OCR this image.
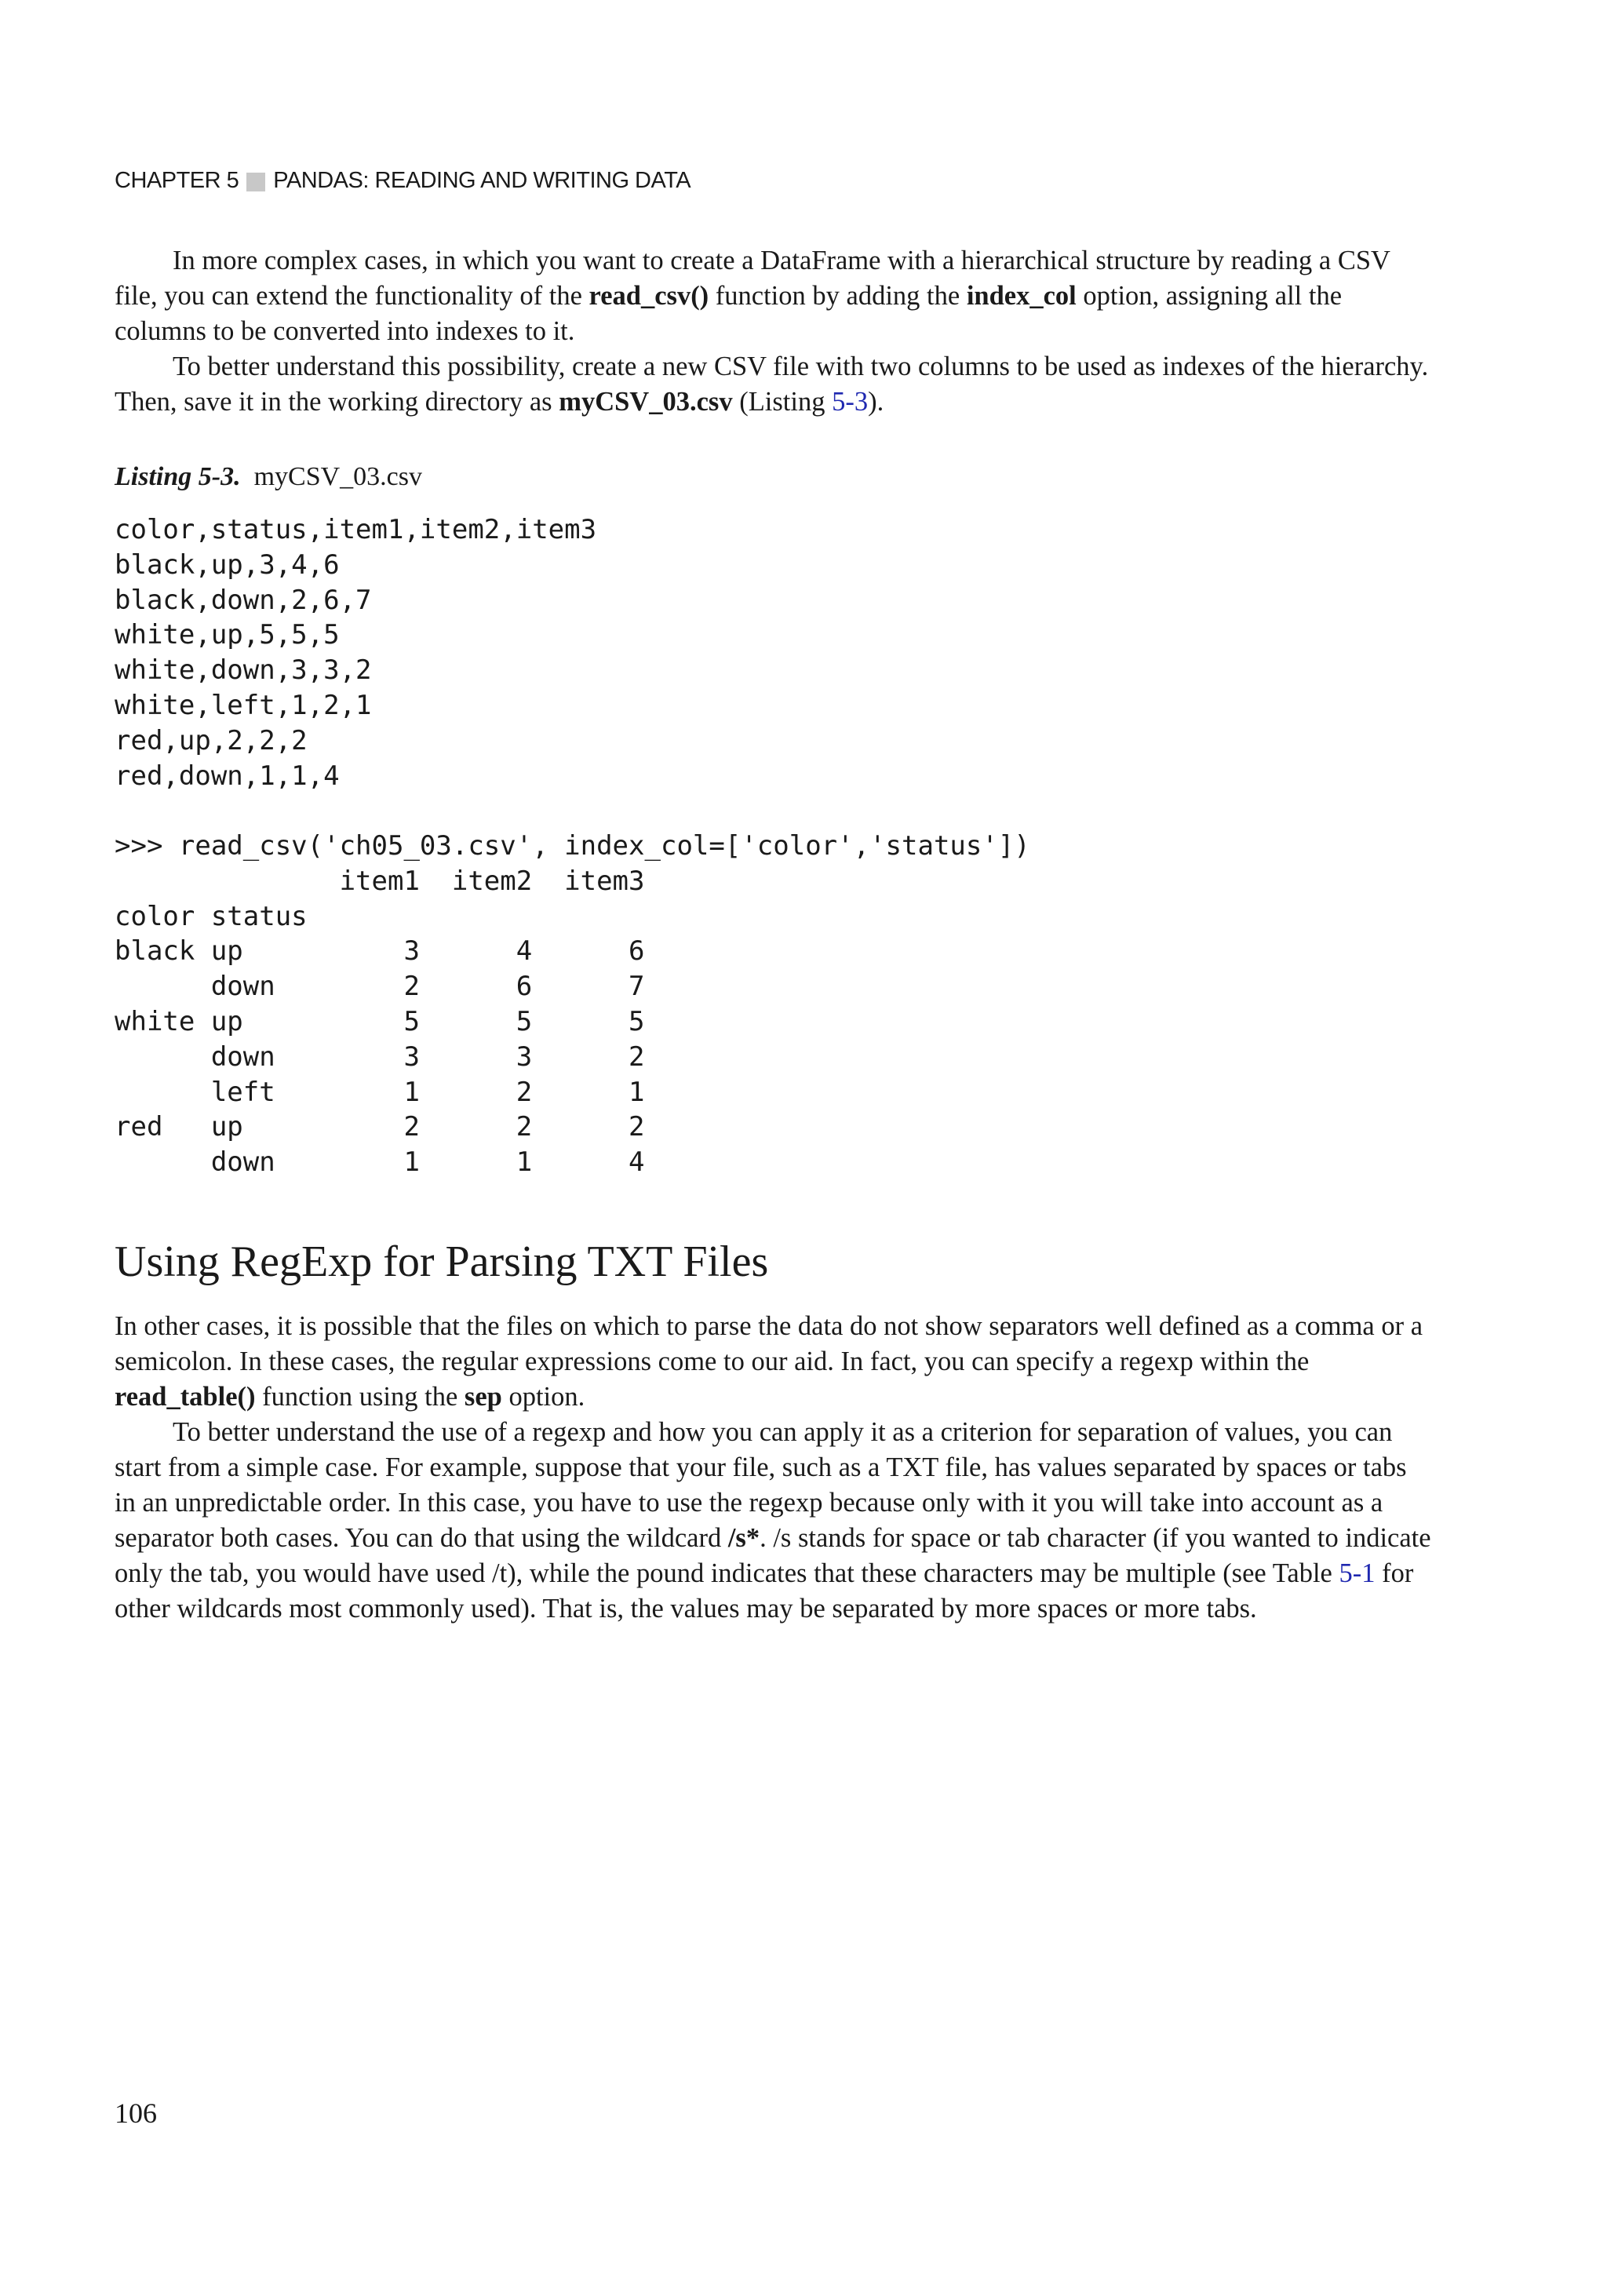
CHAPTER 5 PANDAS: READING AND WRITING DATA

In more complex cases, in which you want to create a DataFrame with a hierarchical structure by reading a CSV file, you can extend the functionality of the read_csv() function by adding the index_col option, assigning all the columns to be converted into indexes to it.

To better understand this possibility, create a new CSV file with two columns to be used as indexes of the hierarchy. Then, save it in the working directory as myCSV_03.csv (Listing 5-3).

Listing 5-3. myCSV_03.csv
color,status,item1,item2,item3
black,up,3,4,6
black,down,2,6,7
white,up,5,5,5
white,down,3,3,2
white,left,1,2,1
red,up,2,2,2
red,down,1,1,4
>>> read_csv('ch05_03.csv', index_col=['color','status'])
item1  item2  item3
color status
black up          3      4      6
down        2      6      7
white up          5      5      5
down        3      3      2
left        1      2      1
red   up          2      2      2
down        1      1      4
Using RegExp for Parsing TXT Files

In other cases, it is possible that the files on which to parse the data do not show separators well defined as a comma or a semicolon. In these cases, the regular expressions come to our aid. In fact, you can specify a regexp within the read_table() function using the sep option.

To better understand the use of a regexp and how you can apply it as a criterion for separation of values, you can start from a simple case. For example, suppose that your file, such as a TXT file, has values separated by spaces or tabs in an unpredictable order. In this case, you have to use the regexp because only with it you will take into account as a separator both cases. You can do that using the wildcard /s*. /s stands for space or tab character (if you wanted to indicate only the tab, you would have used /t), while the pound indicates that these characters may be multiple (see Table 5-1 for other wildcards most commonly used). That is, the values may be separated by more spaces or more tabs.

106
